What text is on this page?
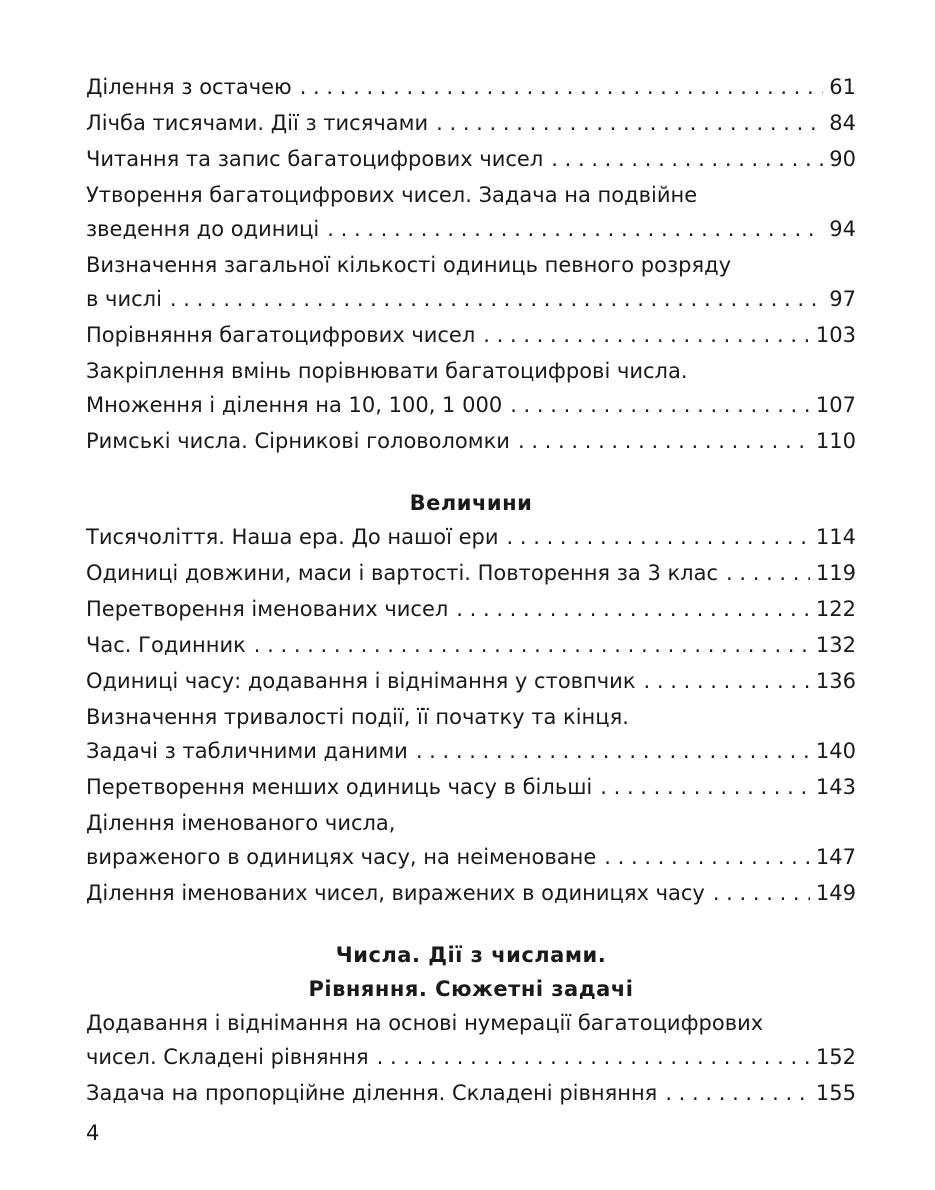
Ділення з остачею . . .	61
Лічба тисячами. Дії з тисячами . . .	84
Читання та запис багатоцифрових чисел . . .	90
Утворення багатоцифрових чисел. Задача на подвійне
зведення до одиниці . . .	94
Визначення загальної кількості одиниць певного розряду
в числі . . .	97
Порівняння багатоцифрових чисел . . .	103
Закріплення вмінь порівнювати багатоцифрові числа.
Множення і ділення на 10, 100, 1 000 . . .	107
Римські числа. Сірникові головоломки . . .	110
Величини
Тисячоліття. Наша ера. До нашої ери . . .	114
Одиниці довжини, маси і вартості. Повторення за 3 клас . . .	119
Перетворення іменованих чисел . . .	122
Час. Годинник . . .	132
Одиниці часу: додавання і віднімання у стовпчик . . .	136
Визначення тривалості події, її початку та кінця.
Задачі з табличними даними . . .	140
Перетворення менших одиниць часу в більші . . .	143
Ділення іменованого числа,
вираженого в одиницях часу, на неіменоване . . .	147
Ділення іменованих чисел, виражених в одиницях часу . . .	149
Числа. Дії з числами.
Рівняння. Сюжетні задачі
Додавання і віднімання на основі нумерації багатоцифрових
чисел. Складені рівняння . . .	152
Задача на пропорційне ділення. Складені рівняння . . .	155
4
